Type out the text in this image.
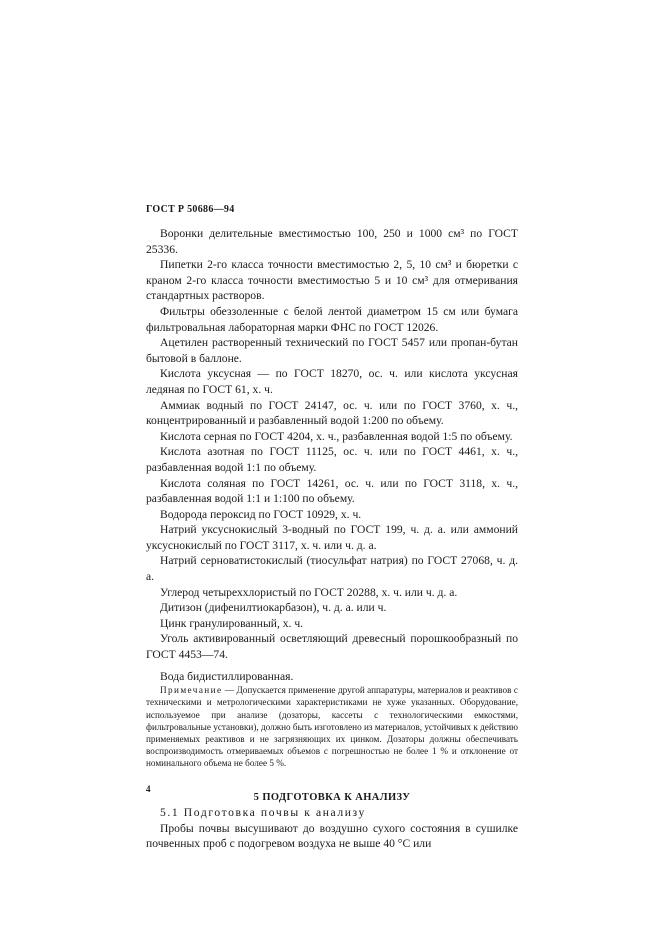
ГОСТ Р 50686—94

Воронки делительные вместимостью 100, 250 и 1000 см³ по ГОСТ 25336.

Пипетки 2-го класса точности вместимостью 2, 5, 10 см³ и бюретки с краном 2-го класса точности вместимостью 5 и 10 см³ для отмеривания стандартных растворов.

Фильтры обеззоленные с белой лентой диаметром 15 см или бумага фильтровальная лабораторная марки ФНС по ГОСТ 12026.

Ацетилен растворенный технический по ГОСТ 5457 или пропан-бутан бытовой в баллоне.

Кислота уксусная — по ГОСТ 18270, ос. ч. или кислота уксусная ледяная по ГОСТ 61, х. ч.

Аммиак водный по ГОСТ 24147, ос. ч. или по ГОСТ 3760, х. ч., концентрированный и разбавленный водой 1:200 по объему.

Кислота серная по ГОСТ 4204, х. ч., разбавленная водой 1:5 по объему.

Кислота азотная по ГОСТ 11125, ос. ч. или по ГОСТ 4461, х. ч., разбавленная водой 1:1 по объему.

Кислота соляная по ГОСТ 14261, ос. ч. или по ГОСТ 3118, х. ч., разбавленная водой 1:1 и 1:100 по объему.

Водорода пероксид по ГОСТ 10929, х. ч.

Натрий уксуснокислый 3-водный по ГОСТ 199, ч. д. а. или аммоний уксуснокислый по ГОСТ 3117, х. ч. или ч. д. а.

Натрий серноватистокислый (тиосульфат натрия) по ГОСТ 27068, ч. д. а.

Углерод четыреххлористый по ГОСТ 20288, х. ч. или ч. д. а.

Дитизон (дифенилтиокарбазон), ч. д. а. или ч.

Цинк гранулированный, х. ч.

Уголь активированный осветляющий древесный порошкообразный по ГОСТ 4453—74.

Вода бидистиллированная.

Примечание — Допускается применение другой аппаратуры, материалов и реактивов с техническими и метрологическими характеристиками не хуже указанных. Оборудование, используемое при анализе (дозаторы, кассеты с технологическими емкостями, фильтровальные установки), должно быть изготовлено из материалов, устойчивых к действию применяемых реактивов и не загрязняющих их цинком. Дозаторы должны обеспечивать воспроизводимость отмериваемых объемов с погрешностью не более 1 % и отклонение от номинального объема не более 5 %.

5 ПОДГОТОВКА К АНАЛИЗУ

5.1 Подготовка почвы к анализу

Пробы почвы высушивают до воздушно сухого состояния в сушилке почвенных проб с подогревом воздуха не выше 40 °С или

4
